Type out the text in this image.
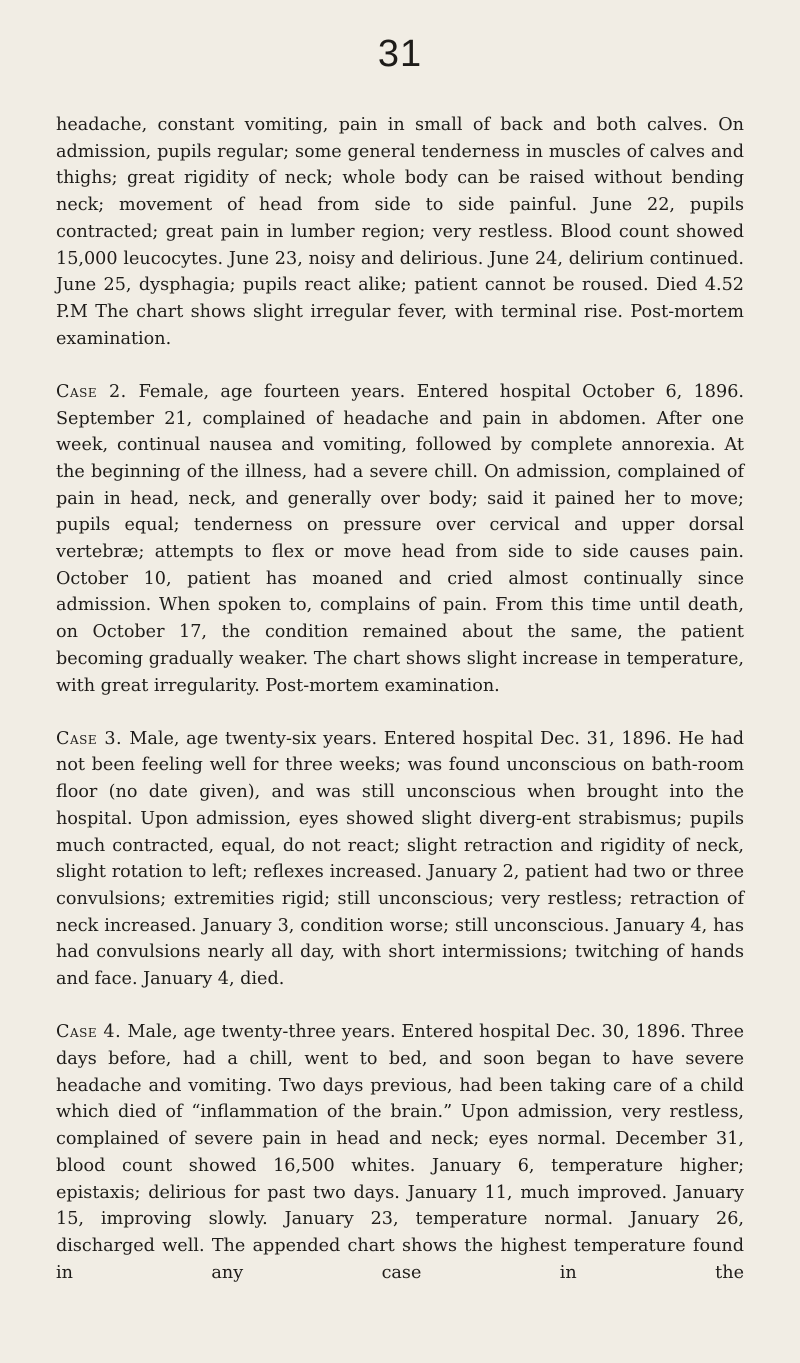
31

headache, constant vomiting, pain in small of back and both calves. On admission, pupils regular; some general tenderness in muscles of calves and thighs; great rigidity of neck; whole body can be raised without bending neck; movement of head from side to side painful. June 22, pupils contracted; great pain in lumber region; very restless. Blood count showed 15,000 leucocytes. June 23, noisy and delirious. June 24, delirium continued. June 25, dysphagia; pupils react alike; patient cannot be roused. Died 4.52 P.M The chart shows slight irregular fever, with terminal rise. Post-mortem examination.

Case 2. Female, age fourteen years. Entered hospital October 6, 1896. September 21, complained of headache and pain in abdomen. After one week, continual nausea and vomiting, followed by complete annorexia. At the beginning of the illness, had a severe chill. On admission, complained of pain in head, neck, and generally over body; said it pained her to move; pupils equal; tenderness on pressure over cervical and upper dorsal vertebræ; attempts to flex or move head from side to side causes pain. October 10, patient has moaned and cried almost continually since admission. When spoken to, complains of pain. From this time until death, on October 17, the condition remained about the same, the patient becoming gradually weaker. The chart shows slight increase in temperature, with great irregularity. Post-mortem examination.

Case 3. Male, age twenty-six years. Entered hospital Dec. 31, 1896. He had not been feeling well for three weeks; was found unconscious on bath-room floor (no date given), and was still unconscious when brought into the hospital. Upon admission, eyes showed slight diverg-ent strabismus; pupils much contracted, equal, do not react; slight retraction and rigidity of neck, slight rotation to left; reflexes increased. January 2, patient had two or three convulsions; extremities rigid; still unconscious; very restless; retraction of neck increased. January 3, condition worse; still unconscious. January 4, has had convulsions nearly all day, with short intermissions; twitching of hands and face. January 4, died.

Case 4. Male, age twenty-three years. Entered hospital Dec. 30, 1896. Three days before, had a chill, went to bed, and soon began to have severe headache and vomiting. Two days previous, had been taking care of a child which died of “inflammation of the brain.” Upon admission, very restless, complained of severe pain in head and neck; eyes normal. December 31, blood count showed 16,500 whites. January 6, temperature higher; epistaxis; delirious for past two days. January 11, much improved. January 15, improving slowly. January 23, temperature normal. January 26, discharged well. The appended chart shows the highest temperature found in any case in the
